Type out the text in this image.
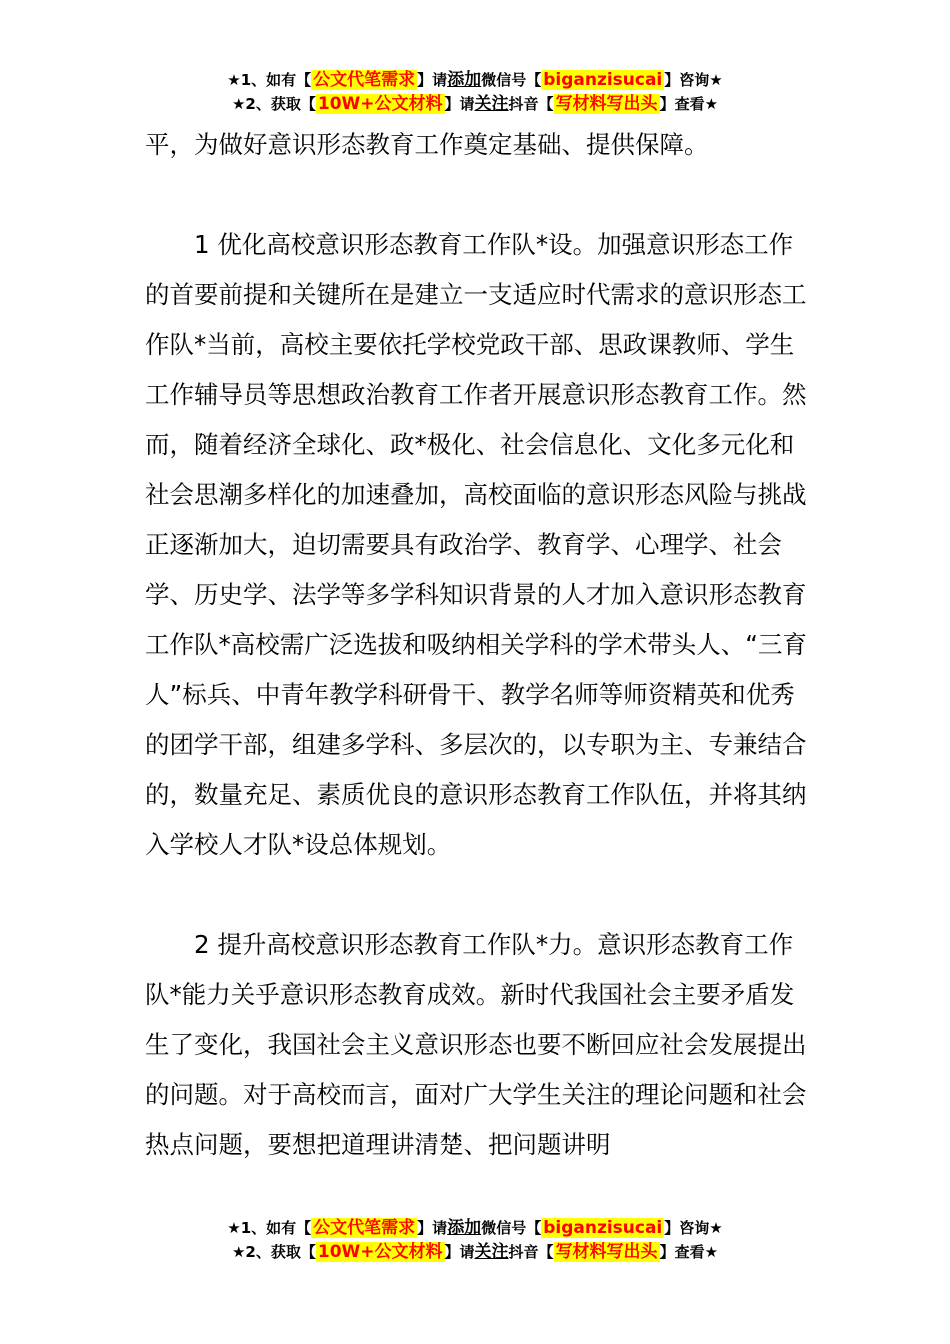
★1、如有【 公文代笔需求 】请添加微信号【 biganzisucai 】咨询★
★2、获取【 10W+公文材料 】请关注抖音【 写材料写出头 】查看★

平，为做好意识形态教育工作奠定基础、提供保障。

1 优化高校意识形态教育工作队*设。加强意识形态工作的首要前提和关键所在是建立一支适应时代需求的意识形态工作队*当前，高校主要依托学校党政干部、思政课教师、学生工作辅导员等思想政治教育工作者开展意识形态教育工作。然而，随着经济全球化、政*极化、社会信息化、文化多元化和社会思潮多样化的加速叠加，高校面临的意识形态风险与挑战正逐渐加大，迫切需要具有政治学、教育学、心理学、社会学、历史学、法学等多学科知识背景的人才加入意识形态教育工作队*高校需广泛选拔和吸纳相关学科的学术带头人、“三育人”标兵、中青年教学科研骨干、教学名师等师资精英和优秀的团学干部，组建多学科、多层次的，以专职为主、专兼结合的，数量充足、素质优良的意识形态教育工作队伍，并将其纳入学校人才队*设总体规划。

2 提升高校意识形态教育工作队*力。意识形态教育工作队*能力关乎意识形态教育成效。新时代我国社会主要矛盾发生了变化，我国社会主义意识形态也要不断回应社会发展提出的问题。对于高校而言，面对广大学生关注的理论问题和社会热点问题，要想把道理讲清楚、把问题讲明

★1、如有【 公文代笔需求 】请添加微信号【 biganzisucai 】咨询★
★2、获取【 10W+公文材料 】请关注抖音【 写材料写出头 】查看★
